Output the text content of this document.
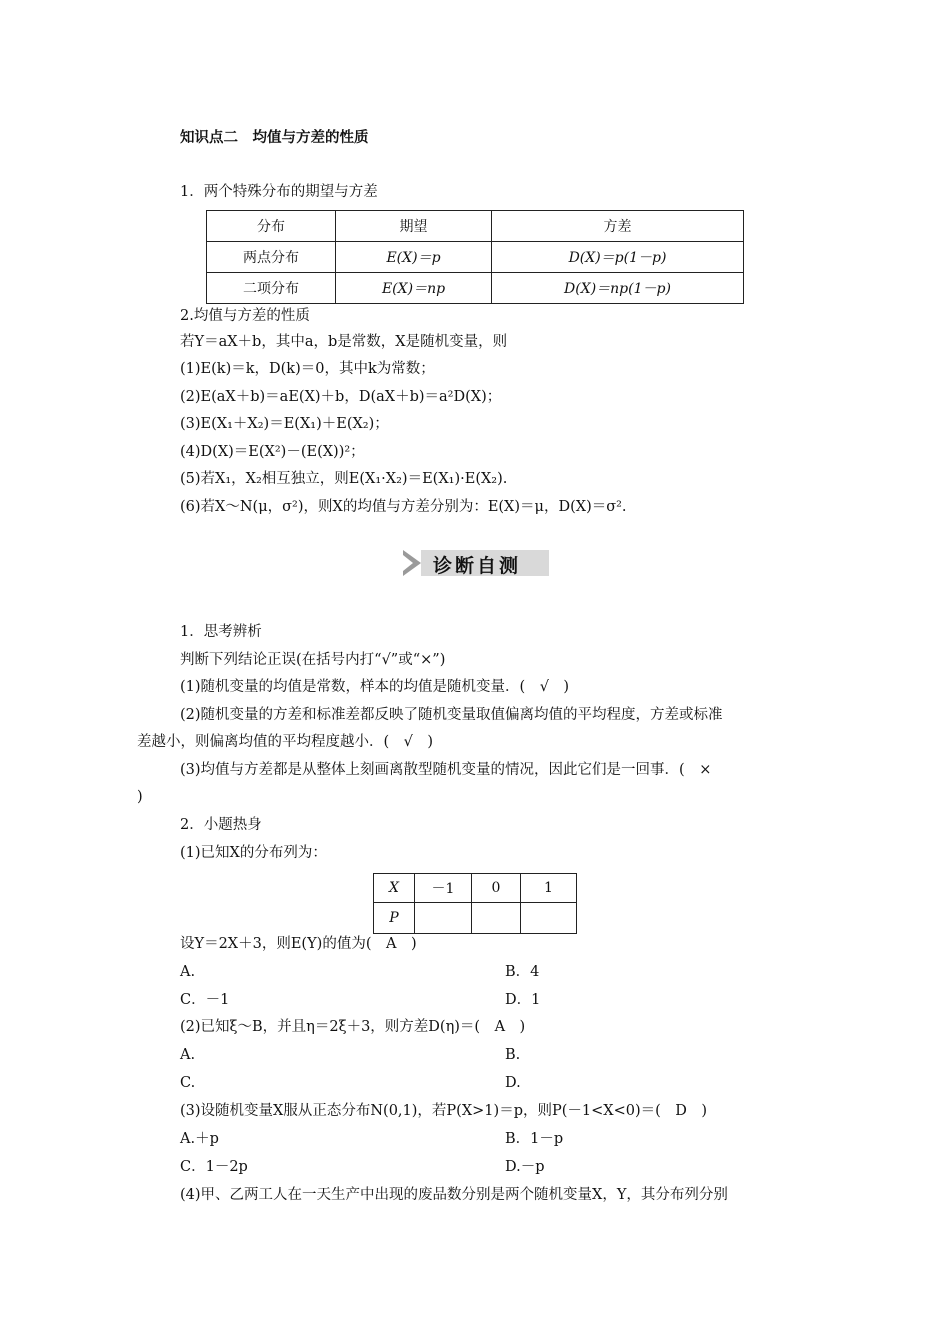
知识点二　均值与方差的性质
1．两个特殊分布的期望与方差
分布	期望	方差
两点分布	E(X)＝p	D(X)＝p(1－p)
二项分布	E(X)＝np	D(X)＝np(1－p)
2.均值与方差的性质
若Y＝aX＋b，其中a，b是常数，X是随机变量，则
(1)E(k)＝k，D(k)＝0，其中k为常数；
(2)E(aX＋b)＝aE(X)＋b，D(aX＋b)＝a²D(X)；
(3)E(X₁＋X₂)＝E(X₁)＋E(X₂)；
(4)D(X)＝E(X²)－(E(X))²；
(5)若X₁，X₂相互独立，则E(X₁·X₂)＝E(X₁)·E(X₂).
(6)若X～N(μ，σ²)，则X的均值与方差分别为：E(X)＝μ，D(X)＝σ².
诊断自测
1．思考辨析
判断下列结论正误(在括号内打“√”或“×”)
(1)随机变量的均值是常数，样本的均值是随机变量．(　√　)
(2)随机变量的方差和标准差都反映了随机变量取值偏离均值的平均程度，方差或标准
差越小，则偏离均值的平均程度越小．(　√　)
(3)均值与方差都是从整体上刻画离散型随机变量的情况，因此它们是一回事．(　×
)
2．小题热身
(1)已知X的分布列为：
X	－1	0	1
P			
设Y＝2X＋3，则E(Y)的值为(　A　)
A.	B．4
C．－1	D．1
(2)已知ξ～B，并且η＝2ξ＋3，则方差D(η)＝(　A　)
A.	B.
C.	D.
(3)设随机变量X服从正态分布N(0,1)，若P(X>1)＝p，则P(－1<X<0)＝(　D　)
A.＋p	B．1－p
C．1－2p	D.－p
(4)甲、乙两工人在一天生产中出现的废品数分别是两个随机变量X，Y，其分布列分别
